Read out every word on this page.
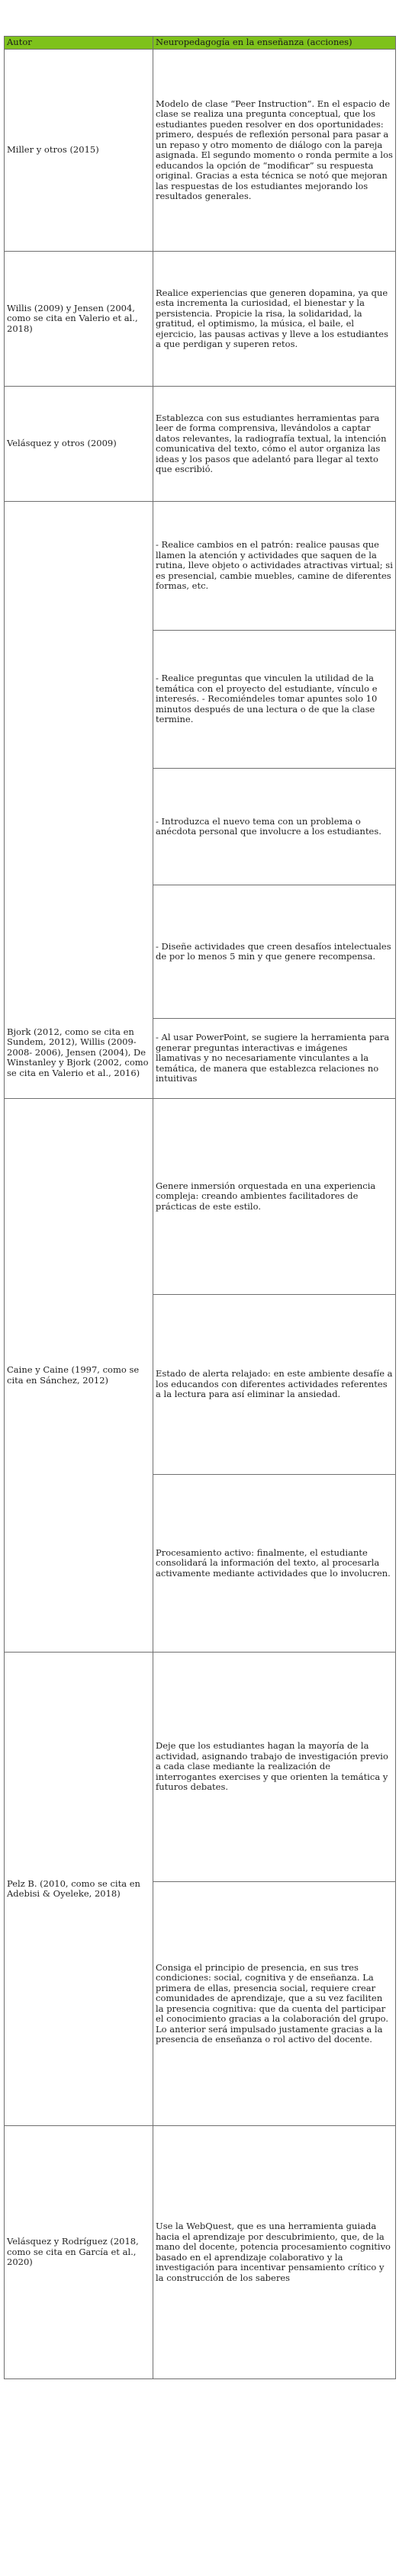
Autor	Neuropedagogía en la enseñanza (acciones)
Miller y otros (2015)	Modelo de clase “Peer Instruction”. En el espacio de clase se realiza una pregunta conceptual, que los estudiantes pueden resolver en dos oportunidades: primero, después de reflexión personal para pasar a un repaso y otro momento de diálogo con la pareja asignada. El segundo momento o ronda permite a los educandos la opción de “modificar” su respuesta original. Gracias a esta técnica se notó que mejoran las respuestas de los estudiantes mejorando los resultados generales.

Willis (2009) y Jensen (2004, como se cita en Valerio et al., 2018)	Realice experiencias que generen dopamina, ya que esta incrementa la curiosidad, el bienestar y la persistencia. Propicie la risa, la solidaridad, la gratitud, el optimismo, la música, el baile, el ejercicio, las pausas activas y lleve a los estudiantes a que perdigan y superen retos.

Velásquez y otros (2009)	Establezca con sus estudiantes herramientas para leer de forma comprensiva, llevándolos a captar datos relevantes, la radiografía textual, la intención comunicativa del texto, cómo el autor organiza las ideas y los pasos que adelantó para llegar al texto que escribió.

Bjork (2012, como se cita en Sundem, 2012), Willis (2009-2008- 2006), Jensen (2004), De Winstanley y Bjork (2002, como se cita en Valerio et al., 2016)	- Realice cambios en el patrón: realice pausas que llamen la atención y actividades que saquen de la rutina, lleve objeto o actividades atractivas virtual; si es presencial, cambie muebles, camine de diferentes formas, etc.

	- Realice preguntas que vinculen la utilidad de la temática con el proyecto del estudiante, vínculo e interesés. - Recomiéndeles tomar apuntes solo 10 minutos después de una lectura o de que la clase termine.

	- Introduzca el nuevo tema con un problema o anécdota personal que involucre a los estudiantes.

	- Diseñe actividades que creen desafíos intelectuales de por lo menos 5 min y que genere recompensa.

	- Al usar PowerPoint, se sugiere la herramienta para generar preguntas interactivas e imágenes llamativas y no necesariamente vinculantes a la temática, de manera que establezca relaciones no intuitivas

Caine y Caine (1997, como se cita en Sánchez, 2012)	Genere inmersión orquestada en una experiencia compleja: creando ambientes facilitadores de prácticas de este estilo.

	Estado de alerta relajado: en este ambiente desafíe a los educandos con diferentes actividades referentes a la lectura para así eliminar la ansiedad.

	Procesamiento activo: finalmente, el estudiante consolidará la información del texto, al procesarla activamente mediante actividades que lo involucren.

Pelz B. (2010, como se cita en Adebisi & Oyeleke, 2018)	Deje que los estudiantes hagan la mayoría de la actividad, asignando trabajo de investigación previo a cada clase mediante la realización de interrogantes exercises y que orienten la temática y futuros debates.

	Consiga el principio de presencia, en sus tres condiciones: social, cognitiva y de enseñanza. La primera de ellas, presencia social, requiere crear comunidades de aprendizaje, que a su vez faciliten la presencia cognitiva: que da cuenta del participar el conocimiento gracias a la colaboración del grupo. Lo anterior será impulsado justamente gracias a la presencia de enseñanza o rol activo del docente.

Velásquez y Rodríguez (2018, como se cita en García et al., 2020)	Use la WebQuest, que es una herramienta guiada hacia el aprendizaje por descubrimiento, que, de la mano del docente, potencia procesamiento cognitivo basado en el aprendizaje colaborativo y la investigación para incentivar pensamiento crítico y la construcción de los saberes
